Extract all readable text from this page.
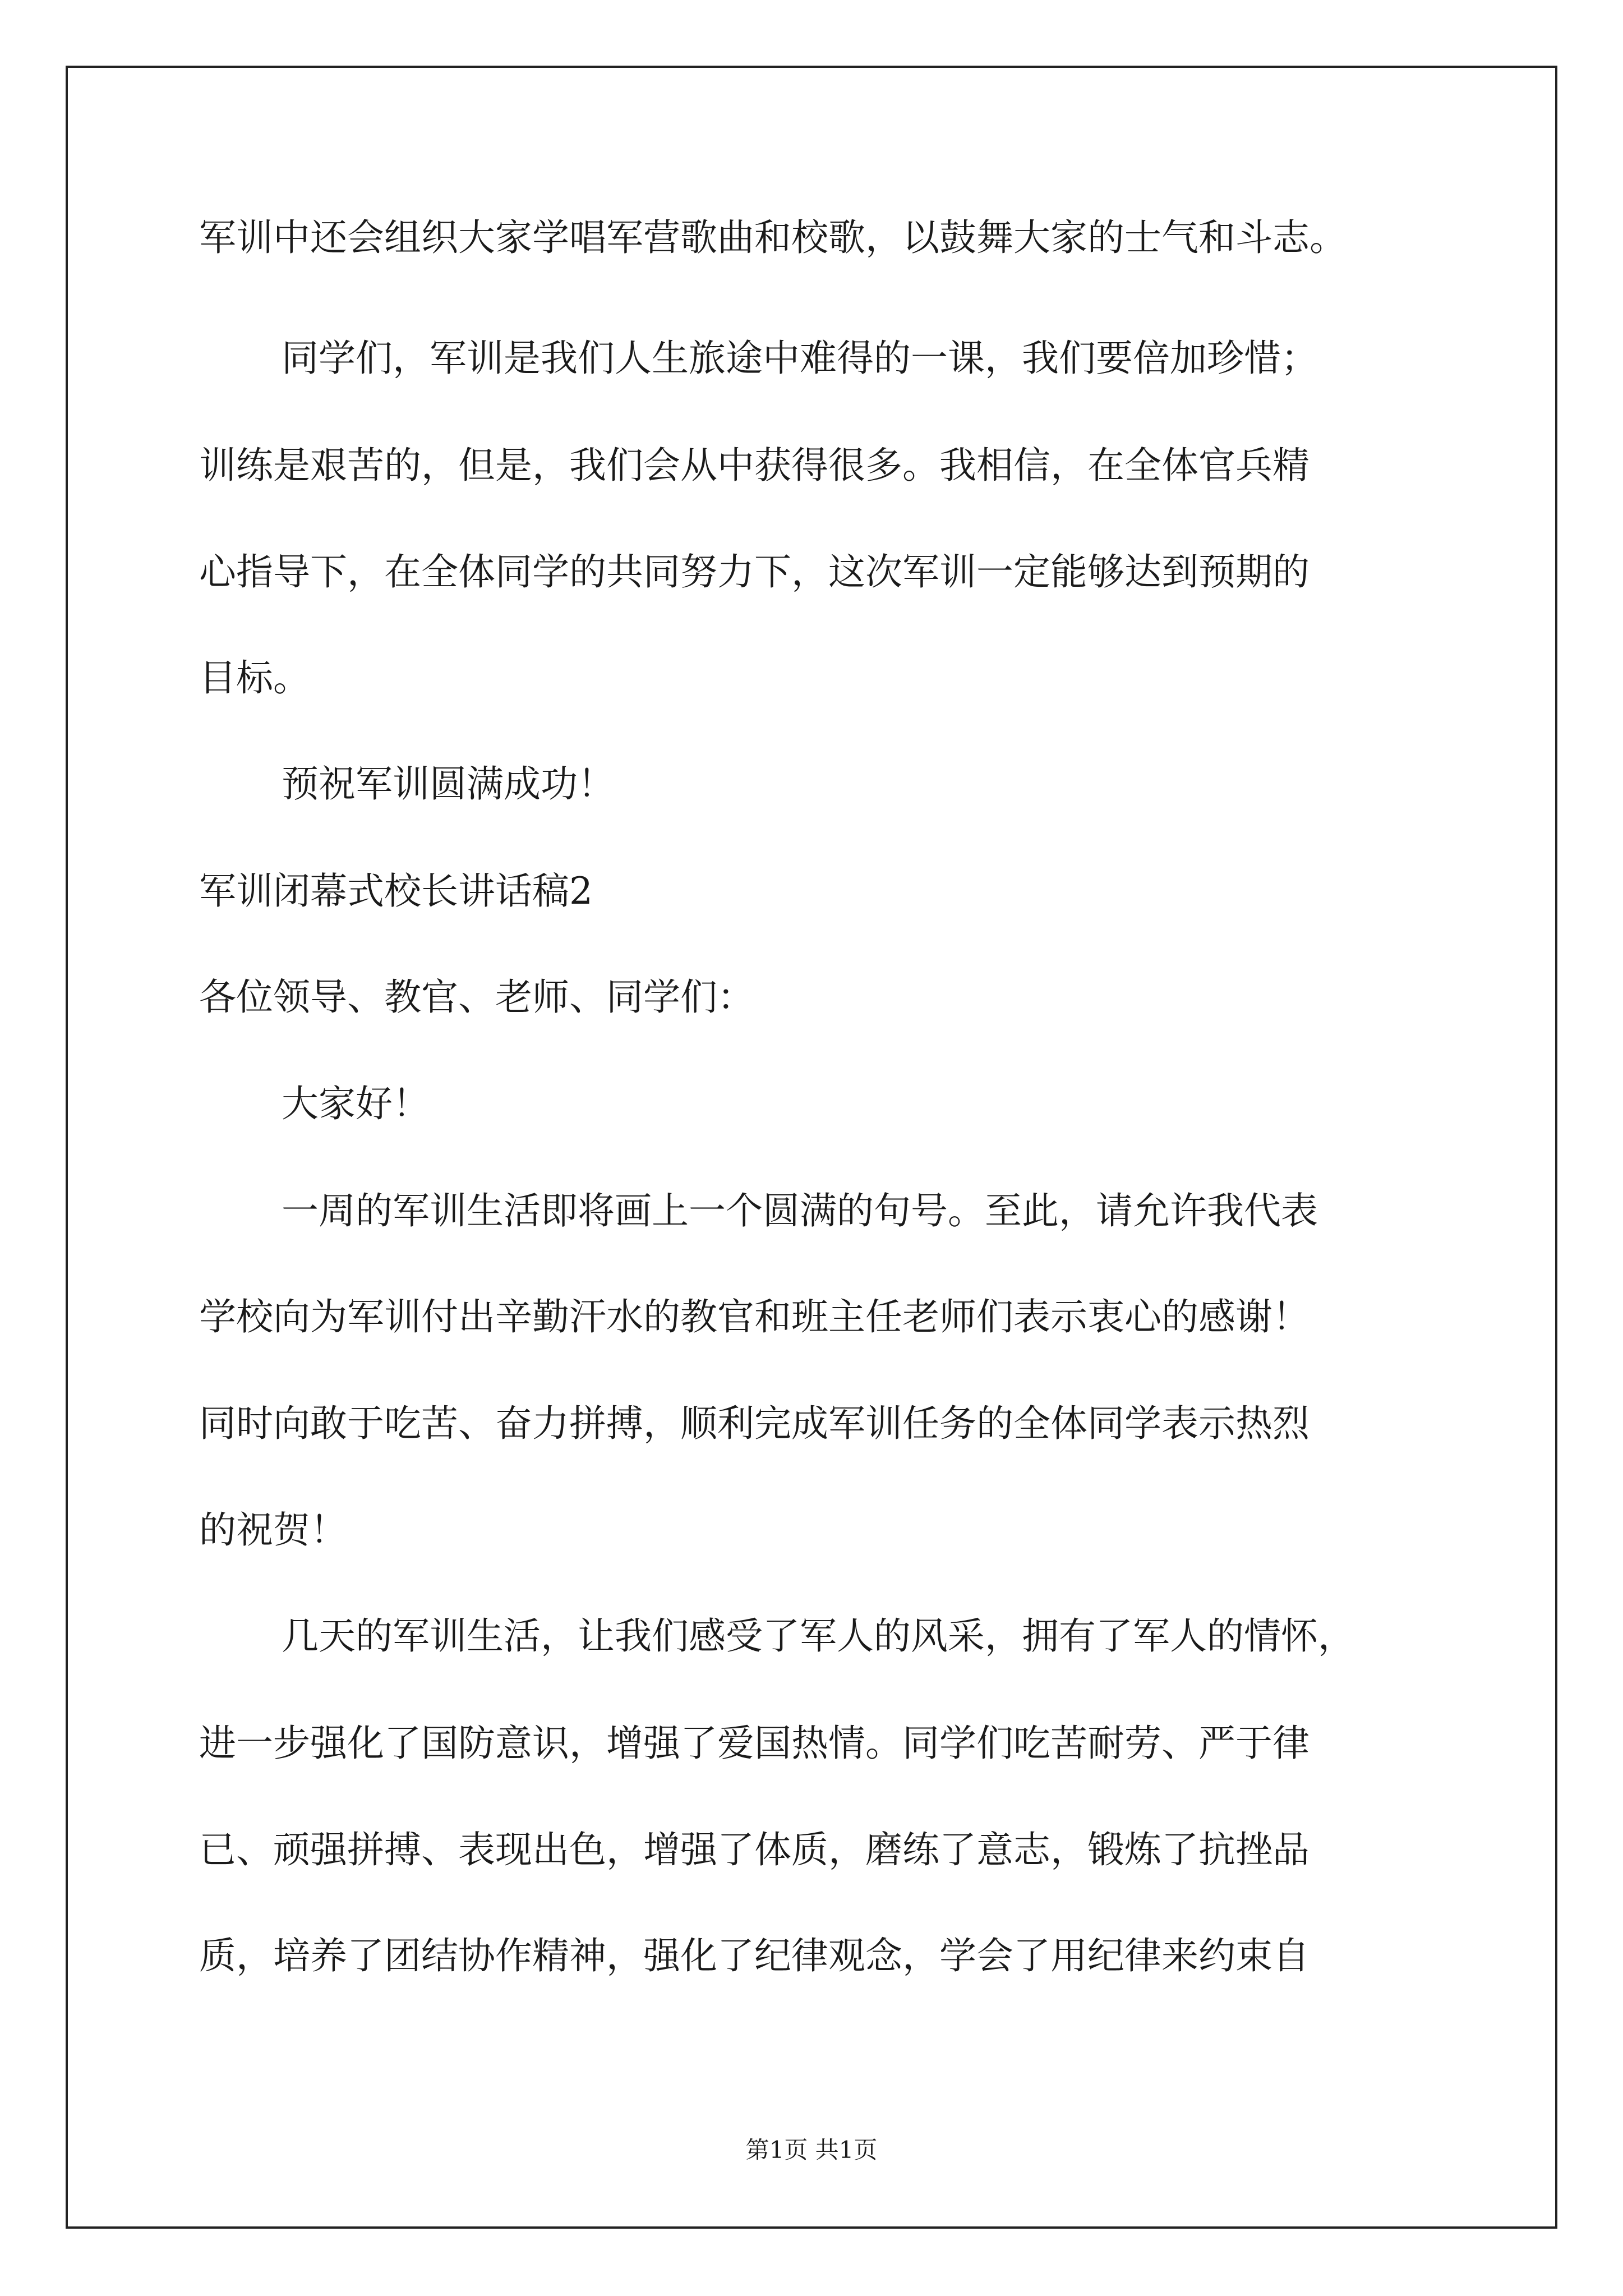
军训中还会组织大家学唱军营歌曲和校歌，以鼓舞大家的士气和斗志。
同学们，军训是我们人生旅途中难得的一课，我们要倍加珍惜；
训练是艰苦的，但是，我们会从中获得很多。我相信，在全体官兵精
心指导下，在全体同学的共同努力下，这次军训一定能够达到预期的
目标。
预祝军训圆满成功！
军训闭幕式校长讲话稿2
各位领导、教官、老师、同学们：
大家好！
一周的军训生活即将画上一个圆满的句号。至此，请允许我代表
学校向为军训付出辛勤汗水的教官和班主任老师们表示衷心的感谢！
同时向敢于吃苦、奋力拼搏，顺利完成军训任务的全体同学表示热烈
的祝贺！
几天的军训生活，让我们感受了军人的风采，拥有了军人的情怀，
进一步强化了国防意识，增强了爱国热情。同学们吃苦耐劳、严于律
已、顽强拼搏、表现出色，增强了体质，磨练了意志，锻炼了抗挫品
质，培养了团结协作精神，强化了纪律观念，学会了用纪律来约束自
第1页 共1页
